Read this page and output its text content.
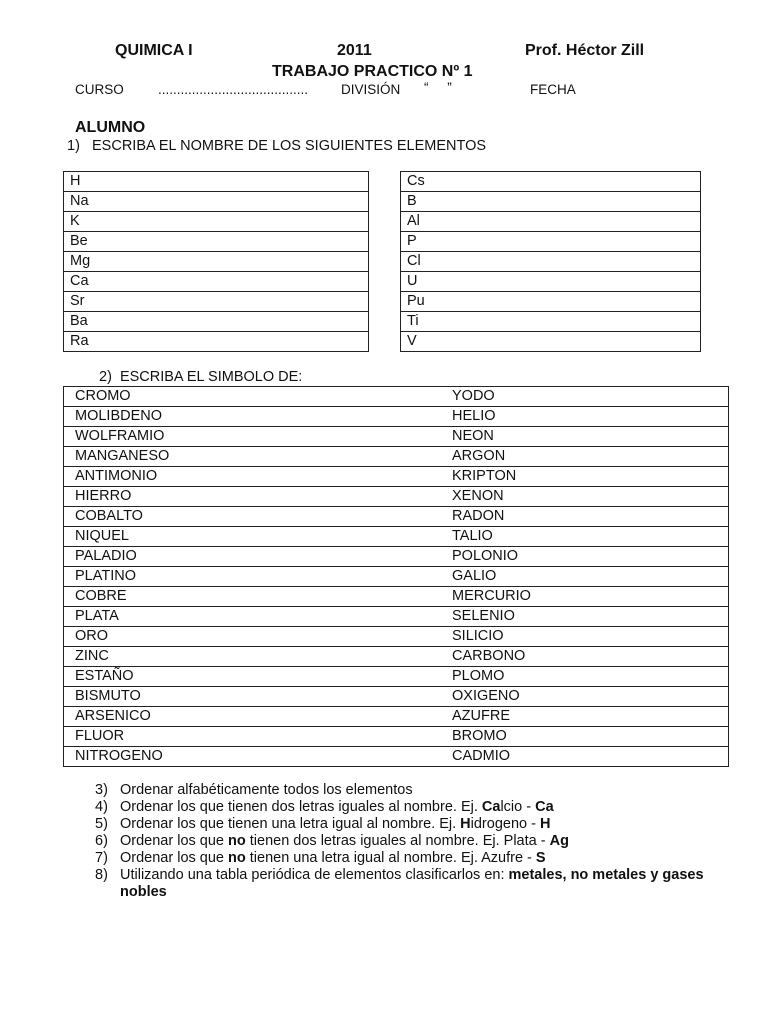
QUIMICA I	2011	Prof. Héctor Zill
TRABAJO PRACTICO Nº 1
CURSO	........................................ DIVISIÓN “     ”	FECHA
ALUMNO
1) ESCRIBA EL NOMBRE DE LOS SIGUIENTES ELEMENTOS
H
Na
K
Be
Mg
Ca
Sr
Ba
Ra
Cs
B
Al
P
Cl
U
Pu
Ti
V
2)  ESCRIBA EL SIMBOLO DE:
CROMO	YODO
MOLIBDENO	HELIO
WOLFRAMIO	NEON
MANGANESO	ARGON
ANTIMONIO	KRIPTON
HIERRO	XENON
COBALTO	RADON
NIQUEL	TALIO
PALADIO	POLONIO
PLATINO	GALIO
COBRE	MERCURIO
PLATA	SELENIO
ORO	SILICIO
ZINC	CARBONO
ESTAÑO	PLOMO
BISMUTO	OXIGENO
ARSENICO	AZUFRE
FLUOR	BROMO
NITROGENO	CADMIO
3) Ordenar alfabéticamente todos los elementos
4) Ordenar los que tienen dos letras iguales al nombre. Ej. Calcio - Ca
5) Ordenar los que tienen una letra igual al nombre. Ej. Hidrogeno - H
6) Ordenar los que no tienen dos letras iguales al nombre. Ej. Plata - Ag
7) Ordenar los que no tienen una letra igual al nombre. Ej. Azufre - S
8) Utilizando una tabla periódica de elementos clasificarlos en: metales, no metales y gases nobles
